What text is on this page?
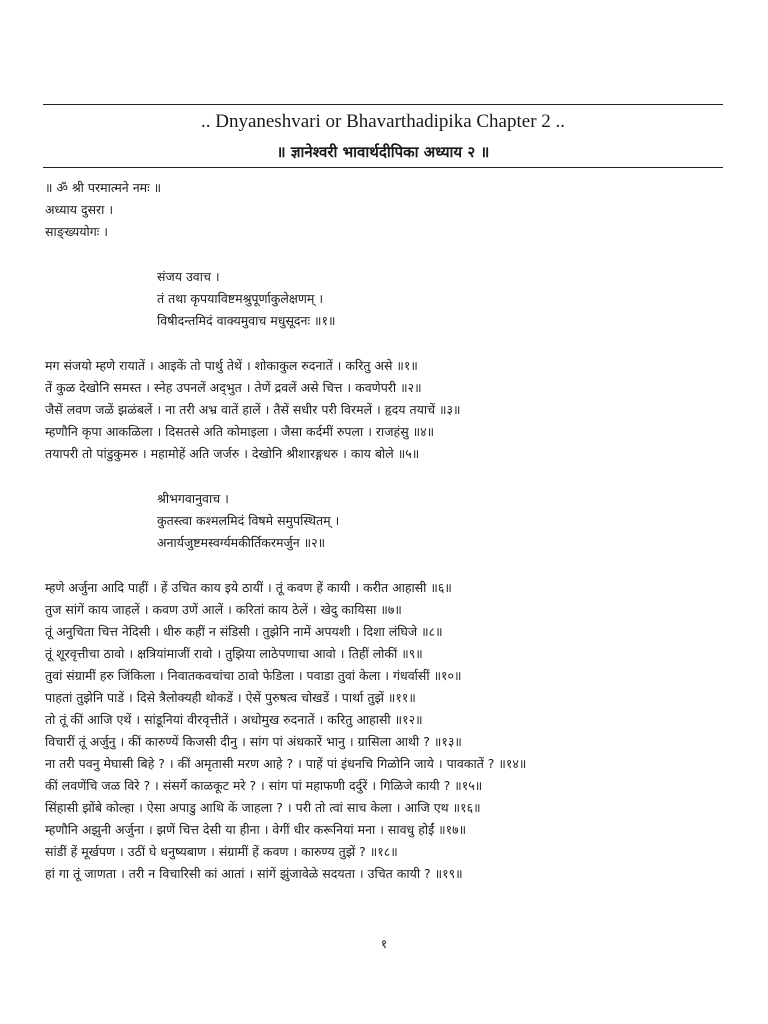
.. Dnyaneshvari or Bhavarthadipika Chapter 2 ..
॥ ज्ञानेश्वरी भावार्थदीपिका अध्याय २ ॥
॥ ॐ श्री परमात्मने नमः ॥
अध्याय दुसरा ।
साङ्ख्ययोगः ।
संजय उवाच ।
तं तथा कृपयाविष्टमश्रुपूर्णाकुलेक्षणम् ।
विषीदन्तमिदं वाक्यमुवाच मधुसूदनः ॥१॥
मग संजयो म्हणे रायातें । आइकें तो पार्थु तेथें । शोकाकुल रुदनातें । करितु असे ॥१॥
तें कुळ देखोनि समस्त । स्नेह उपनलें अद्‍भुत । तेणें द्रवलें असे चित्त । कवणेपरी ॥२॥
जैसें लवण जळें झळंबलें । ना तरी अभ्र वातें हालें । तैसें सधीर परी विरमलें । हृदय तयाचें ॥३॥
म्हणौनि कृपा आकळिला । दिसतसे अति कोमाइला । जैसा कर्दमीं रुपला । राजहंसु ॥४॥
तयापरी तो पांडुकुमरु । महामोहें अति जर्जरु । देखोनि श्रीशारङ्गधरु । काय बोले ॥५॥
श्रीभगवानुवाच ।
कुतस्त्वा कश्मलमिदं विषमे समुपस्थितम् ।
अनार्यजुष्टमस्वर्ग्यमकीर्तिकरमर्जुन ॥२॥
म्हणे अर्जुना आदि पाहीं । हें उचित काय इये ठायीं । तूं कवण हें कायी । करीत आहासी ॥६॥
तुज सांगें काय जाहलें । कवण उणें आलें । करितां काय ठेलें । खेदु कायिसा ॥७॥
तूं अनुचिता चित्त नेदिसी । धीरु कहीं न संडिसी । तुझेनि नामें अपयशी । दिशा लंघिजे ॥८॥
तूं शूरवृत्तीचा ठावो । क्षत्रियांमाजीं रावो । तुझिया लाठेपणाचा आवो । तिहीं लोकीं ॥९॥
तुवां संग्रामीं हरु जिंकिला । निवातकवचांचा ठावो फेडिला । पवाडा तुवां केला । गंधर्वासीं ॥१०॥
पाहतां तुझेनि पाडें । दिसे त्रैलोक्यही थोकडें । ऐसें पुरुषत्व चोखडें । पार्था तुझें ॥११॥
तो तूं कीं आजि एथें । सांडूनियां वीरवृत्तीतें । अधोमुख रुदनातें । करितु आहासी ॥१२॥
विचारीं तूं अर्जुनु । कीं कारुण्यें किजसी दीनु । सांग पां अंधकारें भानु । ग्रासिला आथी ? ॥१३॥
ना तरी पवनु मेघासी बिहे ? । कीं अमृतासी मरण आहे ? । पाहें पां इंधनचि गिळोनि जाये । पावकातें ? ॥१४॥
कीं लवणेंचि जळ विरे ? । संसर्गे काळकूट मरे ? । सांग पां महाफणी दर्दुरें । गिळिजे कायी ? ॥१५॥
सिंहासी झोंबे कोल्हा । ऐसा अपाडु आथि कें जाहला ? । परी तो त्वां साच केला । आजि एथ ॥१६॥
म्हणौनि अझुनी अर्जुना । झणें चित्त देसी या हीना । वेगीं धीर करूनियां मना । सावधु होईं ॥१७॥
सांडीं हें मूर्खपण । उठीं घे धनुष्यबाण । संग्रामीं हें कवण । कारुण्य तुझें ? ॥१८॥
हां गा तूं जाणता । तरी न विचारिसी कां आतां । सांगें झुंजावेळे सदयता । उचित कायी ? ॥१९॥
१
